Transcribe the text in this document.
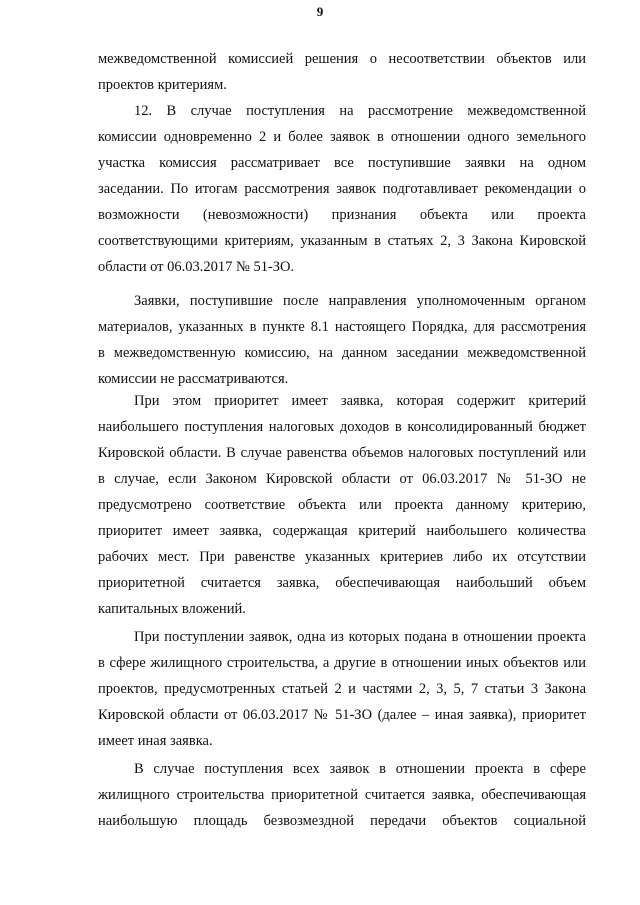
9

межведомственной комиссией решения о несоответствии объектов или

проектов критериям.

12. В случае поступления на рассмотрение межведомственной

комиссии одновременно 2 и более заявок в отношении одного земельного

участка комиссия рассматривает все поступившие заявки на одном

заседании. По итогам рассмотрения заявок подготавливает рекомендации о

возможности (невозможности) признания объекта или проекта

соответствующими критериям, указанным в статьях 2, 3 Закона Кировской

области от 06.03.2017 № 51-ЗО.

Заявки, поступившие после направления уполномоченным органом

материалов, указанных в пункте 8.1 настоящего Порядка, для рассмотрения

в межведомственную комиссию, на данном заседании межведомственной

комиссии не рассматриваются.

При этом приоритет имеет заявка, которая содержит критерий

наибольшего поступления налоговых доходов в консолидированный бюджет

Кировской области. В случае равенства объемов налоговых поступлений или

в случае, если Законом Кировской области от 06.03.2017 № 51-ЗО не

предусмотрено соответствие объекта или проекта данному критерию,

приоритет имеет заявка, содержащая критерий наибольшего количества

рабочих мест. При равенстве указанных критериев либо их отсутствии

приоритетной считается заявка, обеспечивающая наибольший объем

капитальных вложений.

При поступлении заявок, одна из которых подана в отношении проекта

в сфере жилищного строительства, а другие в отношении иных объектов или

проектов, предусмотренных статьей 2 и частями 2, 3, 5, 7 статьи 3 Закона

Кировской области от 06.03.2017 № 51-ЗО (далее – иная заявка), приоритет

имеет иная заявка.

В случае поступления всех заявок в отношении проекта в сфере

жилищного строительства приоритетной считается заявка, обеспечивающая

наибольшую площадь безвозмездной передачи объектов социальной
